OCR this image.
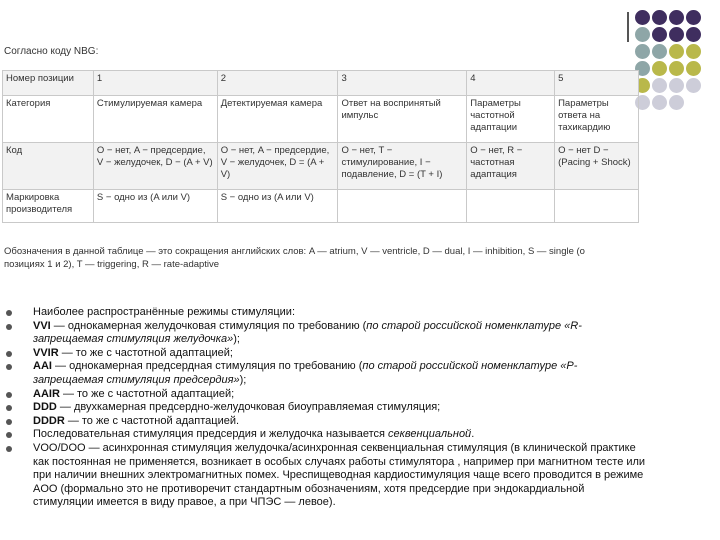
Согласно коду NBG:
Номер позиции	1	2	3	4	5
Категория	Стимулируемая камера	Детектируемая камера	Ответ на воспринятый импульс	Параметры частотной адаптации	Параметры ответа на тахикардию
Код	O − нет, A − предсердие, V − желудочек, D − (A + V)	O − нет, A − предсердие, V − желудочек, D = (A + V)	O − нет, T − стимулирование, I − подавление, D = (T + I)	O − нет, R − частотная адаптация	O − нет D − (Pacing + Shock)
Маркировка производителя	S − одно из (A или V)	S − одно из (A или V)			
Обозначения в данной таблице — это сокращения английских слов: A — atrium, V — ventricle, D — dual, I — inhibition, S — single (о позициях 1 и 2), T — triggering, R — rate-adaptive
Наиболее распространённые режимы стимуляции:
VVI — однокамерная желудочковая стимуляция по требованию (по старой российской номенклатуре «R-запрещаемая стимуляция желудочка»);
VVIR — то же с частотной адаптацией;
AAI — однокамерная предсердная стимуляция по требованию (по старой российской номенклатуре «P-запрещаемая стимуляция предсердия»);
AAIR — то же с частотной адаптацией;
DDD — двухкамерная предсердно-желудочковая биоуправляемая стимуляция;
DDDR — то же с частотной адаптацией.
Последовательная стимуляция предсердия и желудочка называется секвенциальной.
VOO/DOO — асинхронная стимуляция желудочка/асинхронная секвенциальная стимуляция (в клинической практике как постоянная не применяется, возникает в особых случаях работы стимулятора , например при магнитном тесте или при наличии внешних электромагнитных помех. Чреспищеводная кардиостимуляция чаще всего проводится в режиме AOO (формально это не противоречит стандартным обозначениям, хотя предсердие при эндокардиальной стимуляции имеется в виду правое, а при ЧПЭС — левое).
